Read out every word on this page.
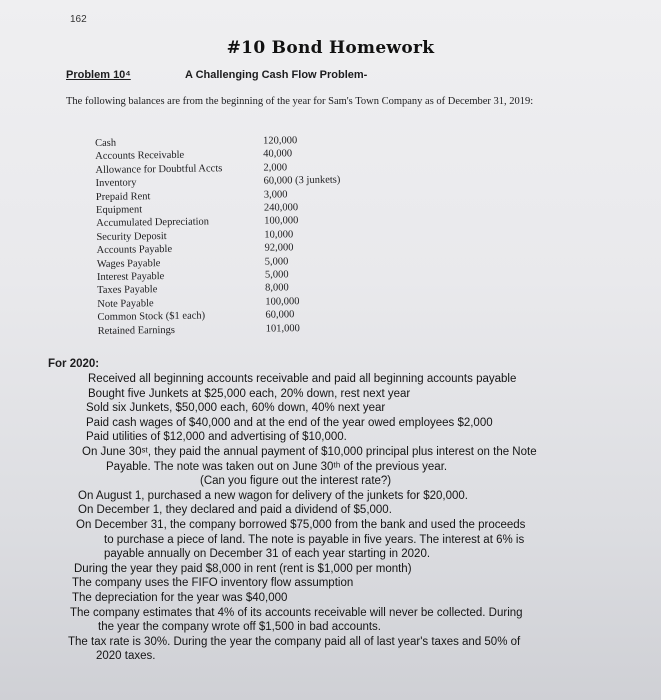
162
#10 Bond Homework
Problem 10⁴	A Challenging Cash Flow Problem-
The following balances are from the beginning of the year for Sam's Town Company as of December 31, 2019:
Cash	120,000
Accounts Receivable	40,000
Allowance for Doubtful Accts	2,000
Inventory	60,000 (3 junkets)
Prepaid Rent	3,000
Equipment	240,000
Accumulated Depreciation	100,000
Security Deposit	10,000
Accounts Payable	92,000
Wages Payable	5,000
Interest Payable	5,000
Taxes Payable	8,000
Note Payable	100,000
Common Stock ($1 each)	60,000
Retained Earnings	101,000
For 2020:

Received all beginning accounts receivable and paid all beginning accounts payable

Bought five Junkets at $25,000 each, 20% down, rest next year

Sold six Junkets, $50,000 each, 60% down, 40% next year

Paid cash wages of $40,000 and at the end of the year owed employees $2,000

Paid utilities of $12,000 and advertising of $10,000.

On June 30ˢᵗ, they paid the annual payment of $10,000 principal plus interest on the Note

Payable. The note was taken out on June 30ᵗʰ of the previous year.

(Can you figure out the interest rate?)

On August 1, purchased a new wagon for delivery of the junkets for $20,000.

On December 1, they declared and paid a dividend of $5,000.

On December 31, the company borrowed $75,000 from the bank and used the proceeds

to purchase a piece of land. The note is payable in five years. The interest at 6% is

payable annually on December 31 of each year starting in 2020.

During the year they paid $8,000 in rent (rent is $1,000 per month)

The company uses the FIFO inventory flow assumption

The depreciation for the year was $40,000

The company estimates that 4% of its accounts receivable will never be collected. During

the year the company wrote off $1,500 in bad accounts.

The tax rate is 30%. During the year the company paid all of last year's taxes and 50% of

2020 taxes.
